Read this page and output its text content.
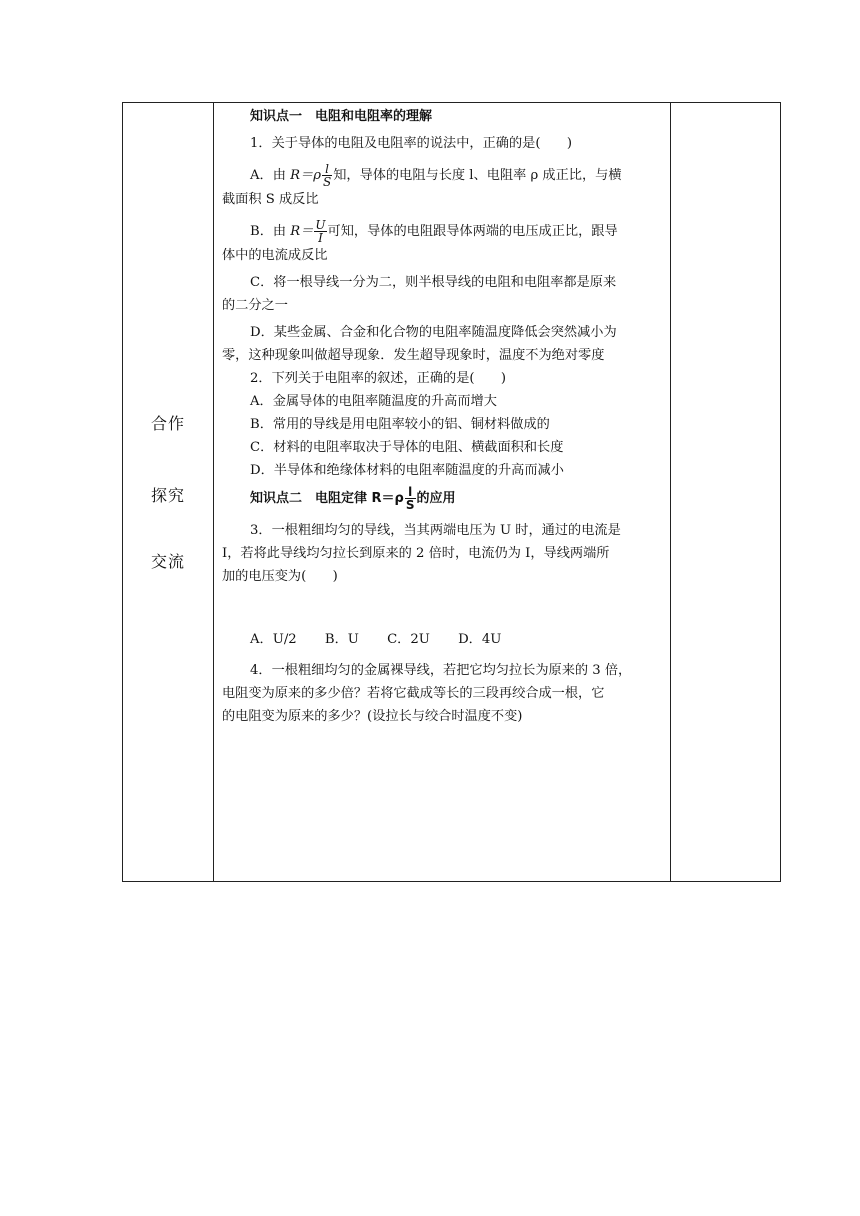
合作
探究
交流

知识点一　电阻和电阻率的理解
1．关于导体的电阻及电阻率的说法中，正确的是(　　)
A．由 $R=\rho \frac{l}{S}$ 知，导体的电阻与长度 l、电阻率 ρ 成正比，与横
截面积 S 成反比
B．由 $R= \frac{U}{I}$ 可知，导体的电阻跟导体两端的电压成正比，跟导
体中的电流成反比
C．将一根导线一分为二，则半根导线的电阻和电阻率都是原来
的二分之一
D．某些金属、合金和化合物的电阻率随温度降低会突然减小为
零，这种现象叫做超导现象．发生超导现象时，温度不为绝对零度
2．下列关于电阻率的叙述，正确的是(　　)
A．金属导体的电阻率随温度的升高而增大
B．常用的导线是用电阻率较小的铝、铜材料做成的
C．材料的电阻率取决于导体的电阻、横截面积和长度
D．半导体和绝缘体材料的电阻率随温度的升高而减小
知识点二　电阻定律 $R=\rho \frac{l}{S}$ 的应用
3．一根粗细均匀的导线，当其两端电压为 U 时，通过的电流是
I，若将此导线均匀拉长到原来的 2 倍时，电流仍为 I，导线两端所
加的电压变为(　　)
A．U/2 B．U C．2U D．4U
4．一根粗细均匀的金属裸导线，若把它均匀拉长为原来的 3 倍，
电阻变为原来的多少倍？若将它截成等长的三段再绞合成一根，它
的电阻变为原来的多少？(设拉长与绞合时温度不变)
